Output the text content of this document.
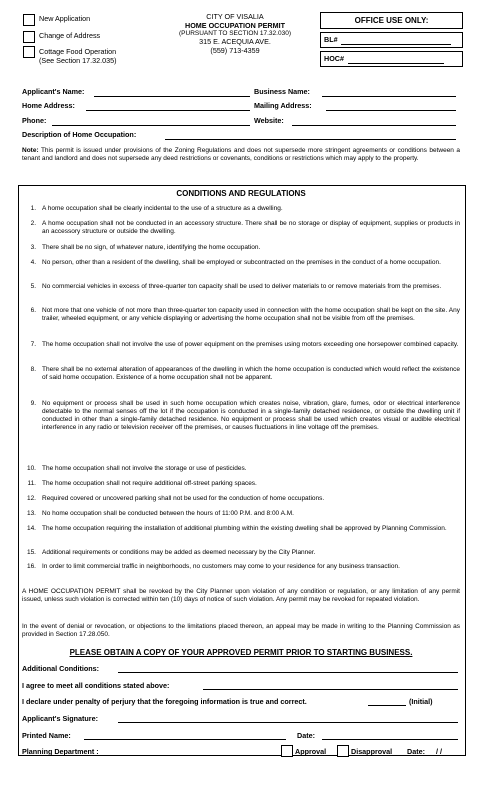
New Application
Change of Address
Cottage Food Operation
(See Section 17.32.035)
CITY OF VISALIA
HOME OCCUPATION PERMIT
(PURSUANT TO SECTION 17.32.030)
315 E. ACEQUIA AVE.
(559) 713-4359
OFFICE USE ONLY:
BL#
HOC#
Applicant's Name:	Business Name:
Home Address:	Mailing Address:
Phone:	Website:
Description of Home Occupation:
Note: This permit is issued under provisions of the Zoning Regulations and does not supersede more stringent agreements or conditions between a tenant and landlord and does not supersede any deed restrictions or covenants, conditions or restrictions which may apply to the property.
CONDITIONS AND REGULATIONS
1. A home occupation shall be clearly incidental to the use of a structure as a dwelling.
2. A home occupation shall not be conducted in an accessory structure. There shall be no storage or display of equipment, supplies or products in an accessory structure or outside the dwelling.
3. There shall be no sign, of whatever nature, identifying the home occupation.
4. No person, other than a resident of the dwelling, shall be employed or subcontracted on the premises in the conduct of a home occupation.
5. No commercial vehicles in excess of three-quarter ton capacity shall be used to deliver materials to or remove materials from the premises.
6. Not more that one vehicle of not more than three-quarter ton capacity used in connection with the home occupation shall be kept on the site. Any trailer, wheeled equipment, or any vehicle displaying or advertising the home occupation shall not be visible from off the premises.
7. The home occupation shall not involve the use of power equipment on the premises using motors exceeding one horsepower combined capacity.
8. There shall be no external alteration of appearances of the dwelling in which the home occupation is conducted which would reflect the existence of said home occupation. Existence of a home occupation shall not be apparent.
9. No equipment or process shall be used in such home occupation which creates noise, vibration, glare, fumes, odor or electrical interference detectable to the normal senses off the lot if the occupation is conducted in a single-family detached residence, or outside the dwelling unit if conducted in other than a single-family detached residence. No equipment or process shall be used which creates visual or audible electrical interference in any radio or television receiver off the premises, or causes fluctuations in line voltage off the premises.
10. The home occupation shall not involve the storage or use of pesticides.
11. The home occupation shall not require additional off-street parking spaces.
12. Required covered or uncovered parking shall not be used for the conduction of home occupations.
13. No home occupation shall be conducted between the hours of 11:00 P.M. and 8:00 A.M.
14. The home occupation requiring the installation of additional plumbing within the existing dwelling shall be approved by Planning Commission.
15. Additional requirements or conditions may be added as deemed necessary by the City Planner.
16. In order to limit commercial traffic in neighborhoods, no customers may come to your residence for any business transaction.
A HOME OCCUPATION PERMIT shall be revoked by the City Planner upon violation of any condition or regulation, or any limitation of any permit issued, unless such violation is corrected within ten (10) days of notice of such violation. Any permit may be revoked for repeated violation.
In the event of denial or revocation, or objections to the limitations placed thereon, an appeal may be made in writing to the Planning Commission as provided in Section 17.28.050.
PLEASE OBTAIN A COPY OF YOUR APPROVED PERMIT PRIOR TO STARTING BUSINESS.
Additional Conditions:
I agree to meet all conditions stated above:
I declare under penalty of perjury that the foregoing information is true and correct.	(Initial)
Applicant's Signature:
Printed Name:	Date:
Planning Department :	Approval	Disapproval Date: / /
